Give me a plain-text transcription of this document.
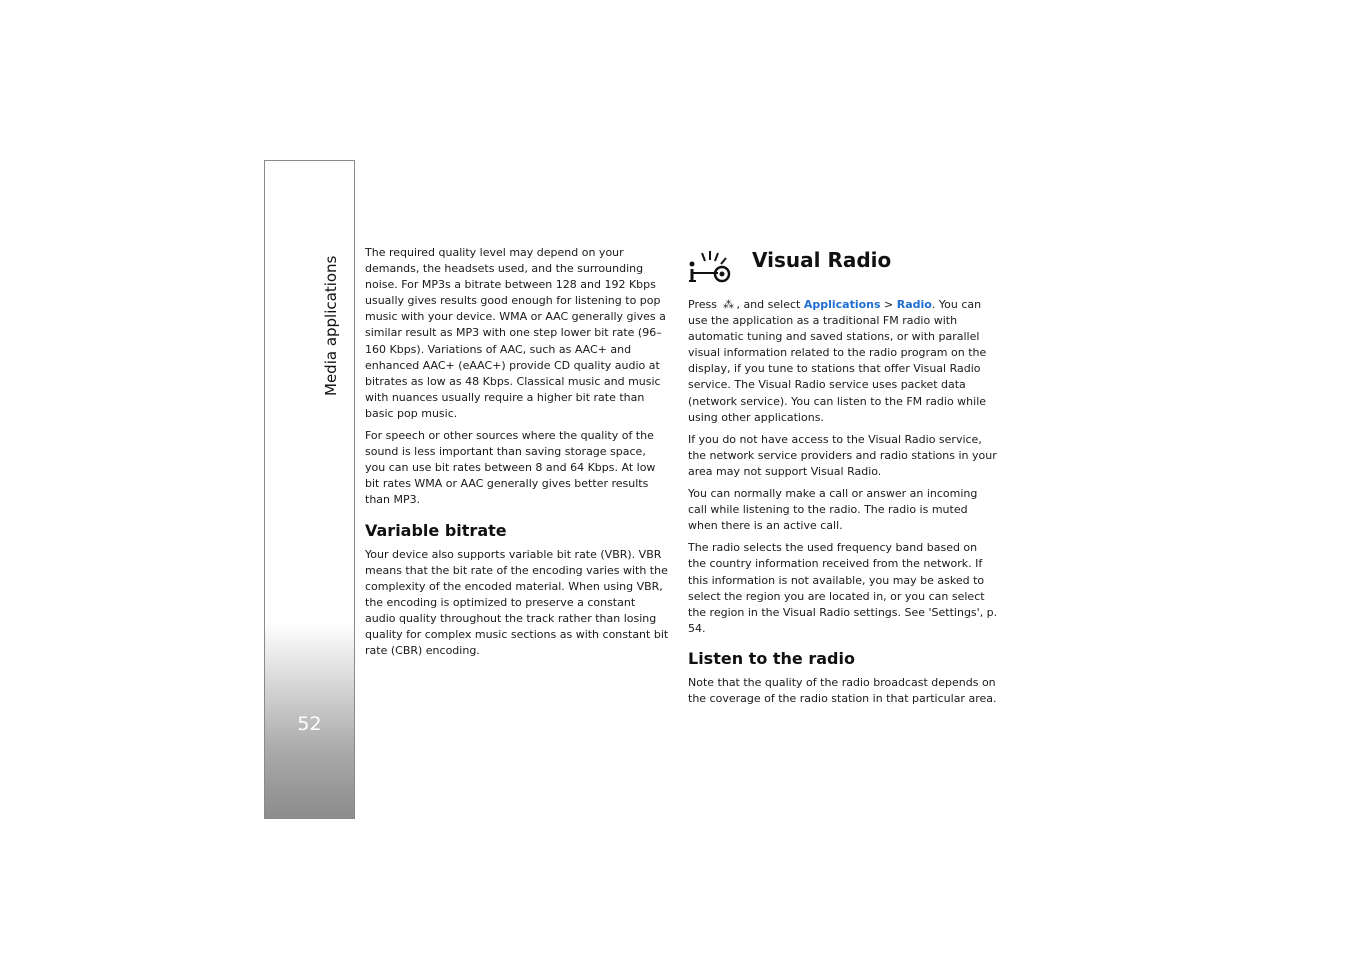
Media applications
52

The required quality level may depend on your demands, the headsets used, and the surrounding noise. For MP3s a bitrate between 128 and 192 Kbps usually gives results good enough for listening to pop music with your device. WMA or AAC generally gives a similar result as MP3 with one step lower bit rate (96–160 Kbps). Variations of AAC, such as AAC+ and enhanced AAC+ (eAAC+) provide CD quality audio at bitrates as low as 48 Kbps. Classical music and music with nuances usually require a higher bit rate than basic pop music.

For speech or other sources where the quality of the sound is less important than saving storage space, you can use bit rates between 8 and 64 Kbps. At low bit rates WMA or AAC generally gives better results than MP3.

Variable bitrate

Your device also supports variable bit rate (VBR). VBR means that the bit rate of the encoding varies with the complexity of the encoded material. When using VBR, the encoding is optimized to preserve a constant audio quality throughout the track rather than losing quality for complex music sections as with constant bit rate (CBR) encoding.

Visual Radio

Press ⁂ , and select Applications > Radio. You can use the application as a traditional FM radio with automatic tuning and saved stations, or with parallel visual information related to the radio program on the display, if you tune to stations that offer Visual Radio service. The Visual Radio service uses packet data (network service). You can listen to the FM radio while using other applications.

If you do not have access to the Visual Radio service, the network service providers and radio stations in your area may not support Visual Radio.

You can normally make a call or answer an incoming call while listening to the radio. The radio is muted when there is an active call.

The radio selects the used frequency band based on the country information received from the network. If this information is not available, you may be asked to select the region you are located in, or you can select the region in the Visual Radio settings. See 'Settings', p. 54.

Listen to the radio

Note that the quality of the radio broadcast depends on the coverage of the radio station in that particular area.
